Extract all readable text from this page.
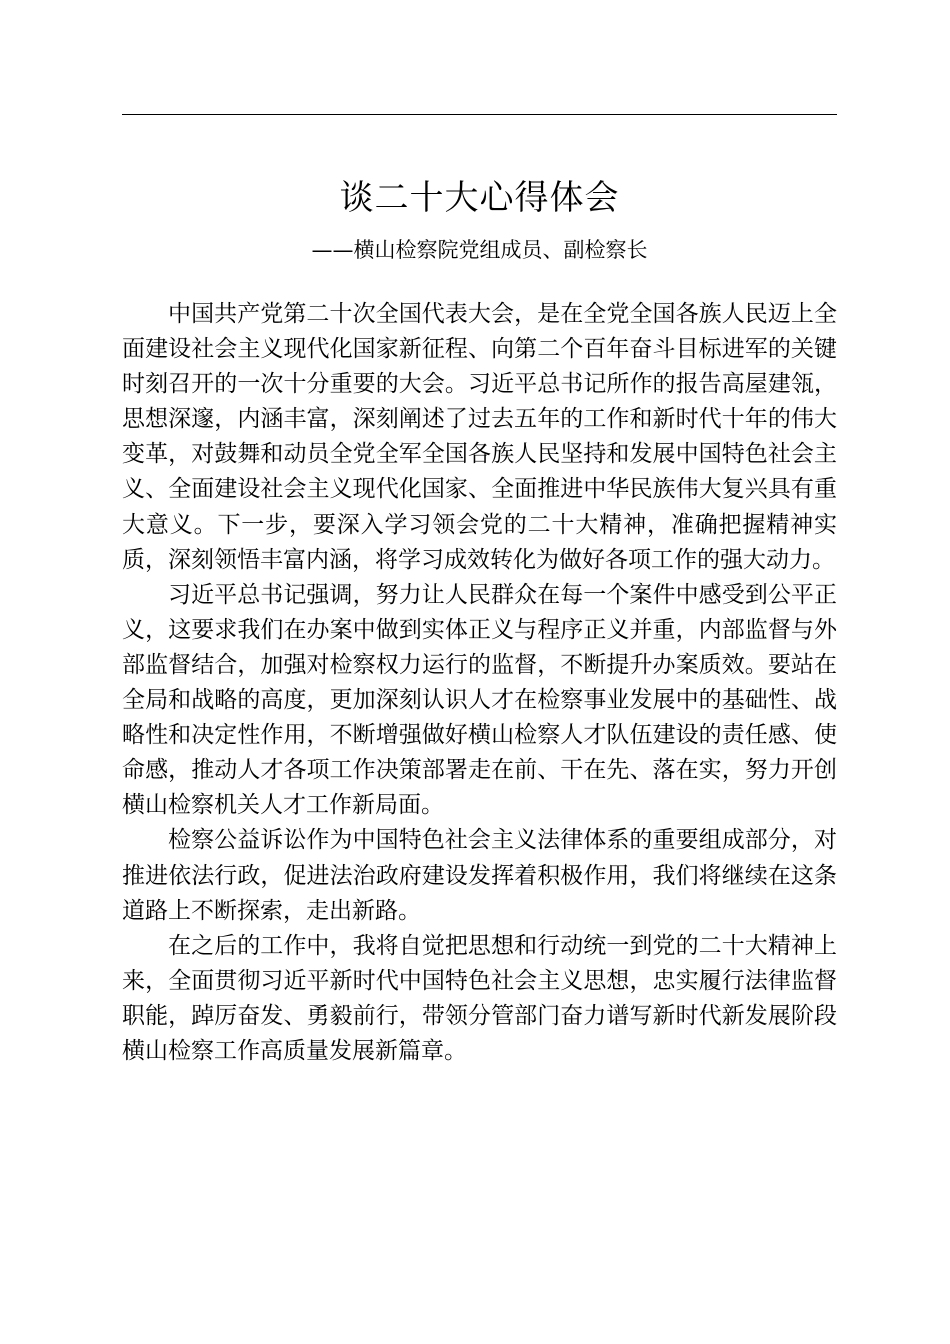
谈二十大心得体会
——横山检察院党组成员、副检察长

中国共产党第二十次全国代表大会，是在全党全国各族人民迈上全面建设社会主义现代化国家新征程、向第二个百年奋斗目标进军的关键时刻召开的一次十分重要的大会。习近平总书记所作的报告高屋建瓴，思想深邃，内涵丰富，深刻阐述了过去五年的工作和新时代十年的伟大变革，对鼓舞和动员全党全军全国各族人民坚持和发展中国特色社会主义、全面建设社会主义现代化国家、全面推进中华民族伟大复兴具有重大意义。下一步，要深入学习领会党的二十大精神，准确把握精神实质，深刻领悟丰富内涵，将学习成效转化为做好各项工作的强大动力。

习近平总书记强调，努力让人民群众在每一个案件中感受到公平正义，这要求我们在办案中做到实体正义与程序正义并重，内部监督与外部监督结合，加强对检察权力运行的监督，不断提升办案质效。要站在全局和战略的高度，更加深刻认识人才在检察事业发展中的基础性、战略性和决定性作用，不断增强做好横山检察人才队伍建设的责任感、使命感，推动人才各项工作决策部署走在前、干在先、落在实，努力开创横山检察机关人才工作新局面。

检察公益诉讼作为中国特色社会主义法律体系的重要组成部分，对推进依法行政，促进法治政府建设发挥着积极作用，我们将继续在这条道路上不断探索，走出新路。

在之后的工作中，我将自觉把思想和行动统一到党的二十大精神上来，全面贯彻习近平新时代中国特色社会主义思想，忠实履行法律监督职能，踔厉奋发、勇毅前行，带领分管部门奋力谱写新时代新发展阶段横山检察工作高质量发展新篇章。
